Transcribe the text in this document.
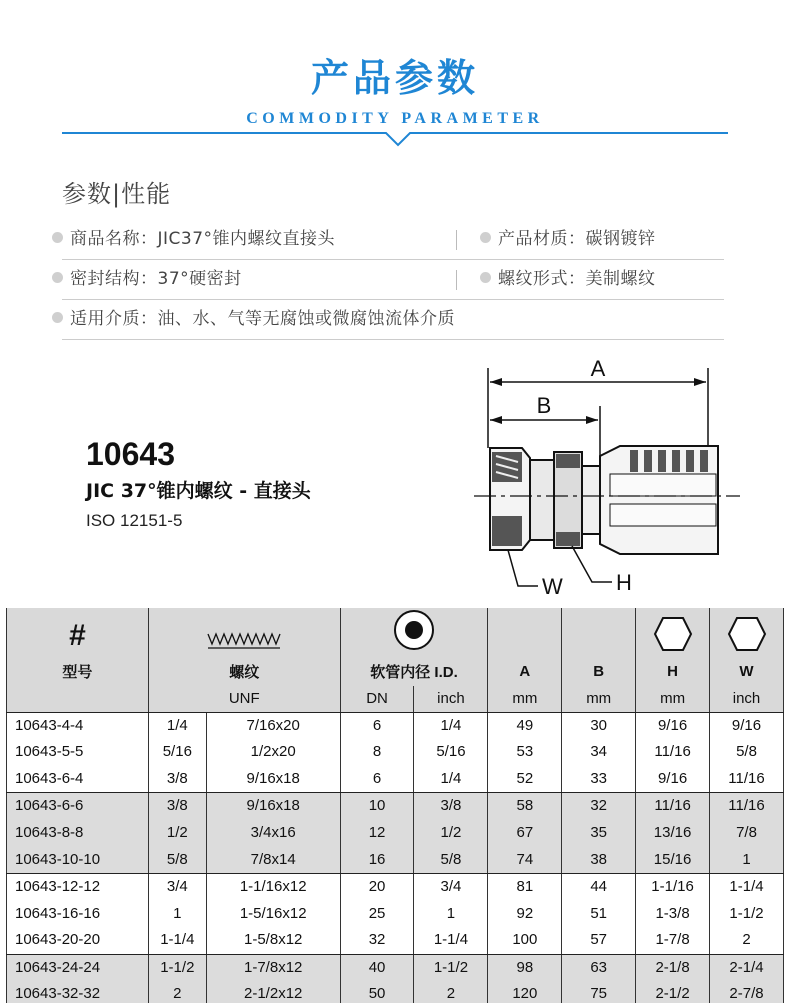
产品参数
COMMODITY PARAMETER
参数|性能
商品名称：JIC37°锥内螺纹直接头	产品材质：碳钢镀锌
密封结构：37°硬密封	螺纹形式：美制螺纹
适用介质：油、水、气等无腐蚀或微腐蚀流体介质
10643
JIC 37°锥内螺纹 - 直接头
ISO 12151-5
A
B
W H
#						
型号	螺纹		软管内径 I.D.		A	B	H	W
	UNF		DN	inch	mm	mm	mm	inch
10643-4-4	1/4	7/16x20	6	1/4	49	30	9/16	9/16
10643-5-5	5/16	1/2x20	8	5/16	53	34	11/16	5/8
10643-6-4	3/8	9/16x18	6	1/4	52	33	9/16	11/16
10643-6-6	3/8	9/16x18	10	3/8	58	32	11/16	11/16
10643-8-8	1/2	3/4x16	12	1/2	67	35	13/16	7/8
10643-10-10	5/8	7/8x14	16	5/8	74	38	15/16	1
10643-12-12	3/4	1-1/16x12	20	3/4	81	44	1-1/16	1-1/4
10643-16-16	1	1-5/16x12	25	1	92	51	1-3/8	1-1/2
10643-20-20	1-1/4	1-5/8x12	32	1-1/4	100	57	1-7/8	2
10643-24-24	1-1/2	1-7/8x12	40	1-1/2	98	63	2-1/8	2-1/4
10643-32-32	2	2-1/2x12	50	2	120	75	2-1/2	2-7/8
